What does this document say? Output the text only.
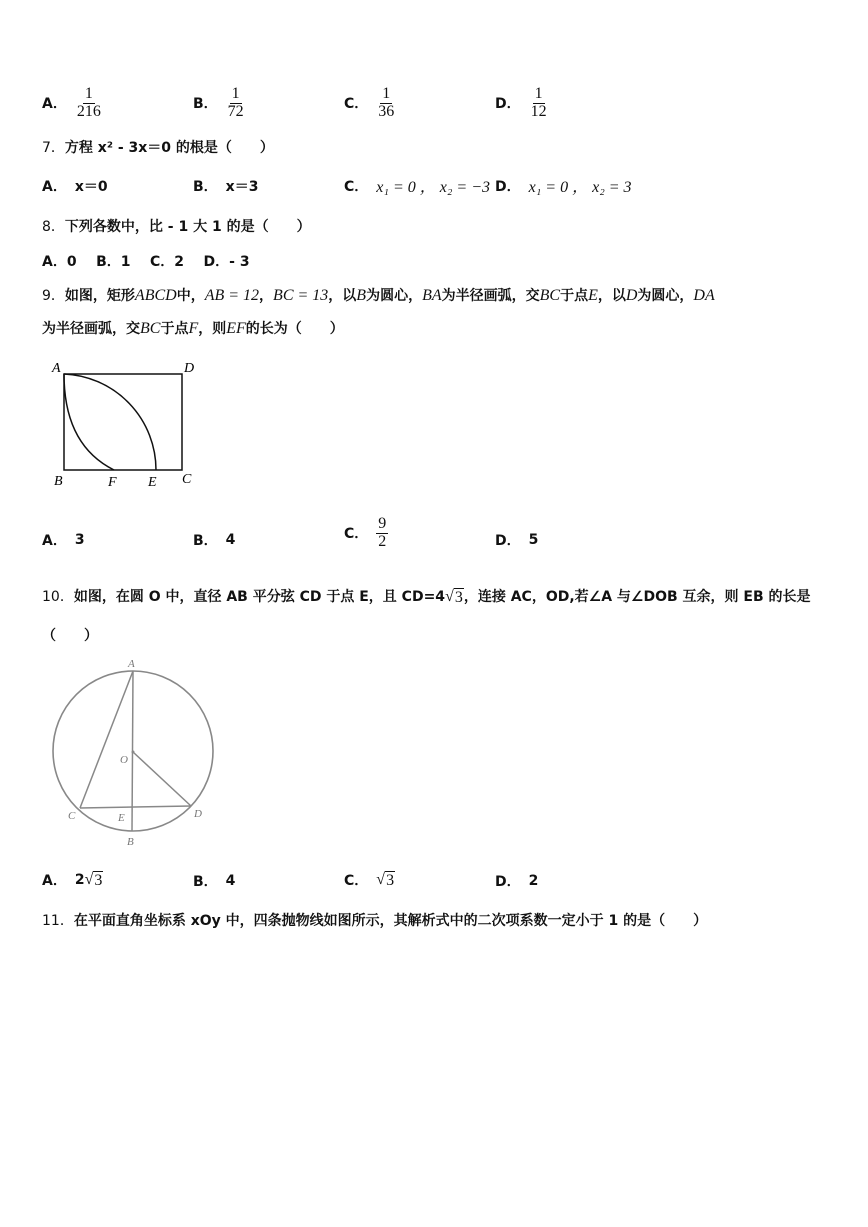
A． $\frac{1}{216}$	B． $\frac{1}{72}$	C． $\frac{1}{36}$	D． $\frac{1}{12}$
7．方程 x² - 3x＝0 的根是（　　）
A． x＝0	B． x＝3	C． x₁ = 0 ， x₂ = −3 D． x₁ = 0 ， x₂ = 3
8．下列各数中，比 - 1 大 1 的是（　　）
A．0 B．1 C．2 D．- 3
9．如图，矩形ABCD中，AB = 12，BC = 13，以B为圆心，BA为半径画弧，交BC于点E，以D为圆心，DA
为半径画弧，交BC于点F，则EF的长为（　　）
A	D
B	F E C
A． 3	B． 4	C． $\frac{9}{2}$	D． 5
10．如图，在圆 O 中，直径 AB 平分弦 CD 于点 E，且 CD=4√ 3 ，连接 AC，OD,若∠A 与∠DOB 互余，则 EB 的长是
（　　）
A
O
C	E	D
B
A． 2√ 3	B． 4	C． √ 3	D． 2
11．在平面直角坐标系 xOy 中，四条抛物线如图所示，其解析式中的二次项系数一定小于 1 的是（　　）
